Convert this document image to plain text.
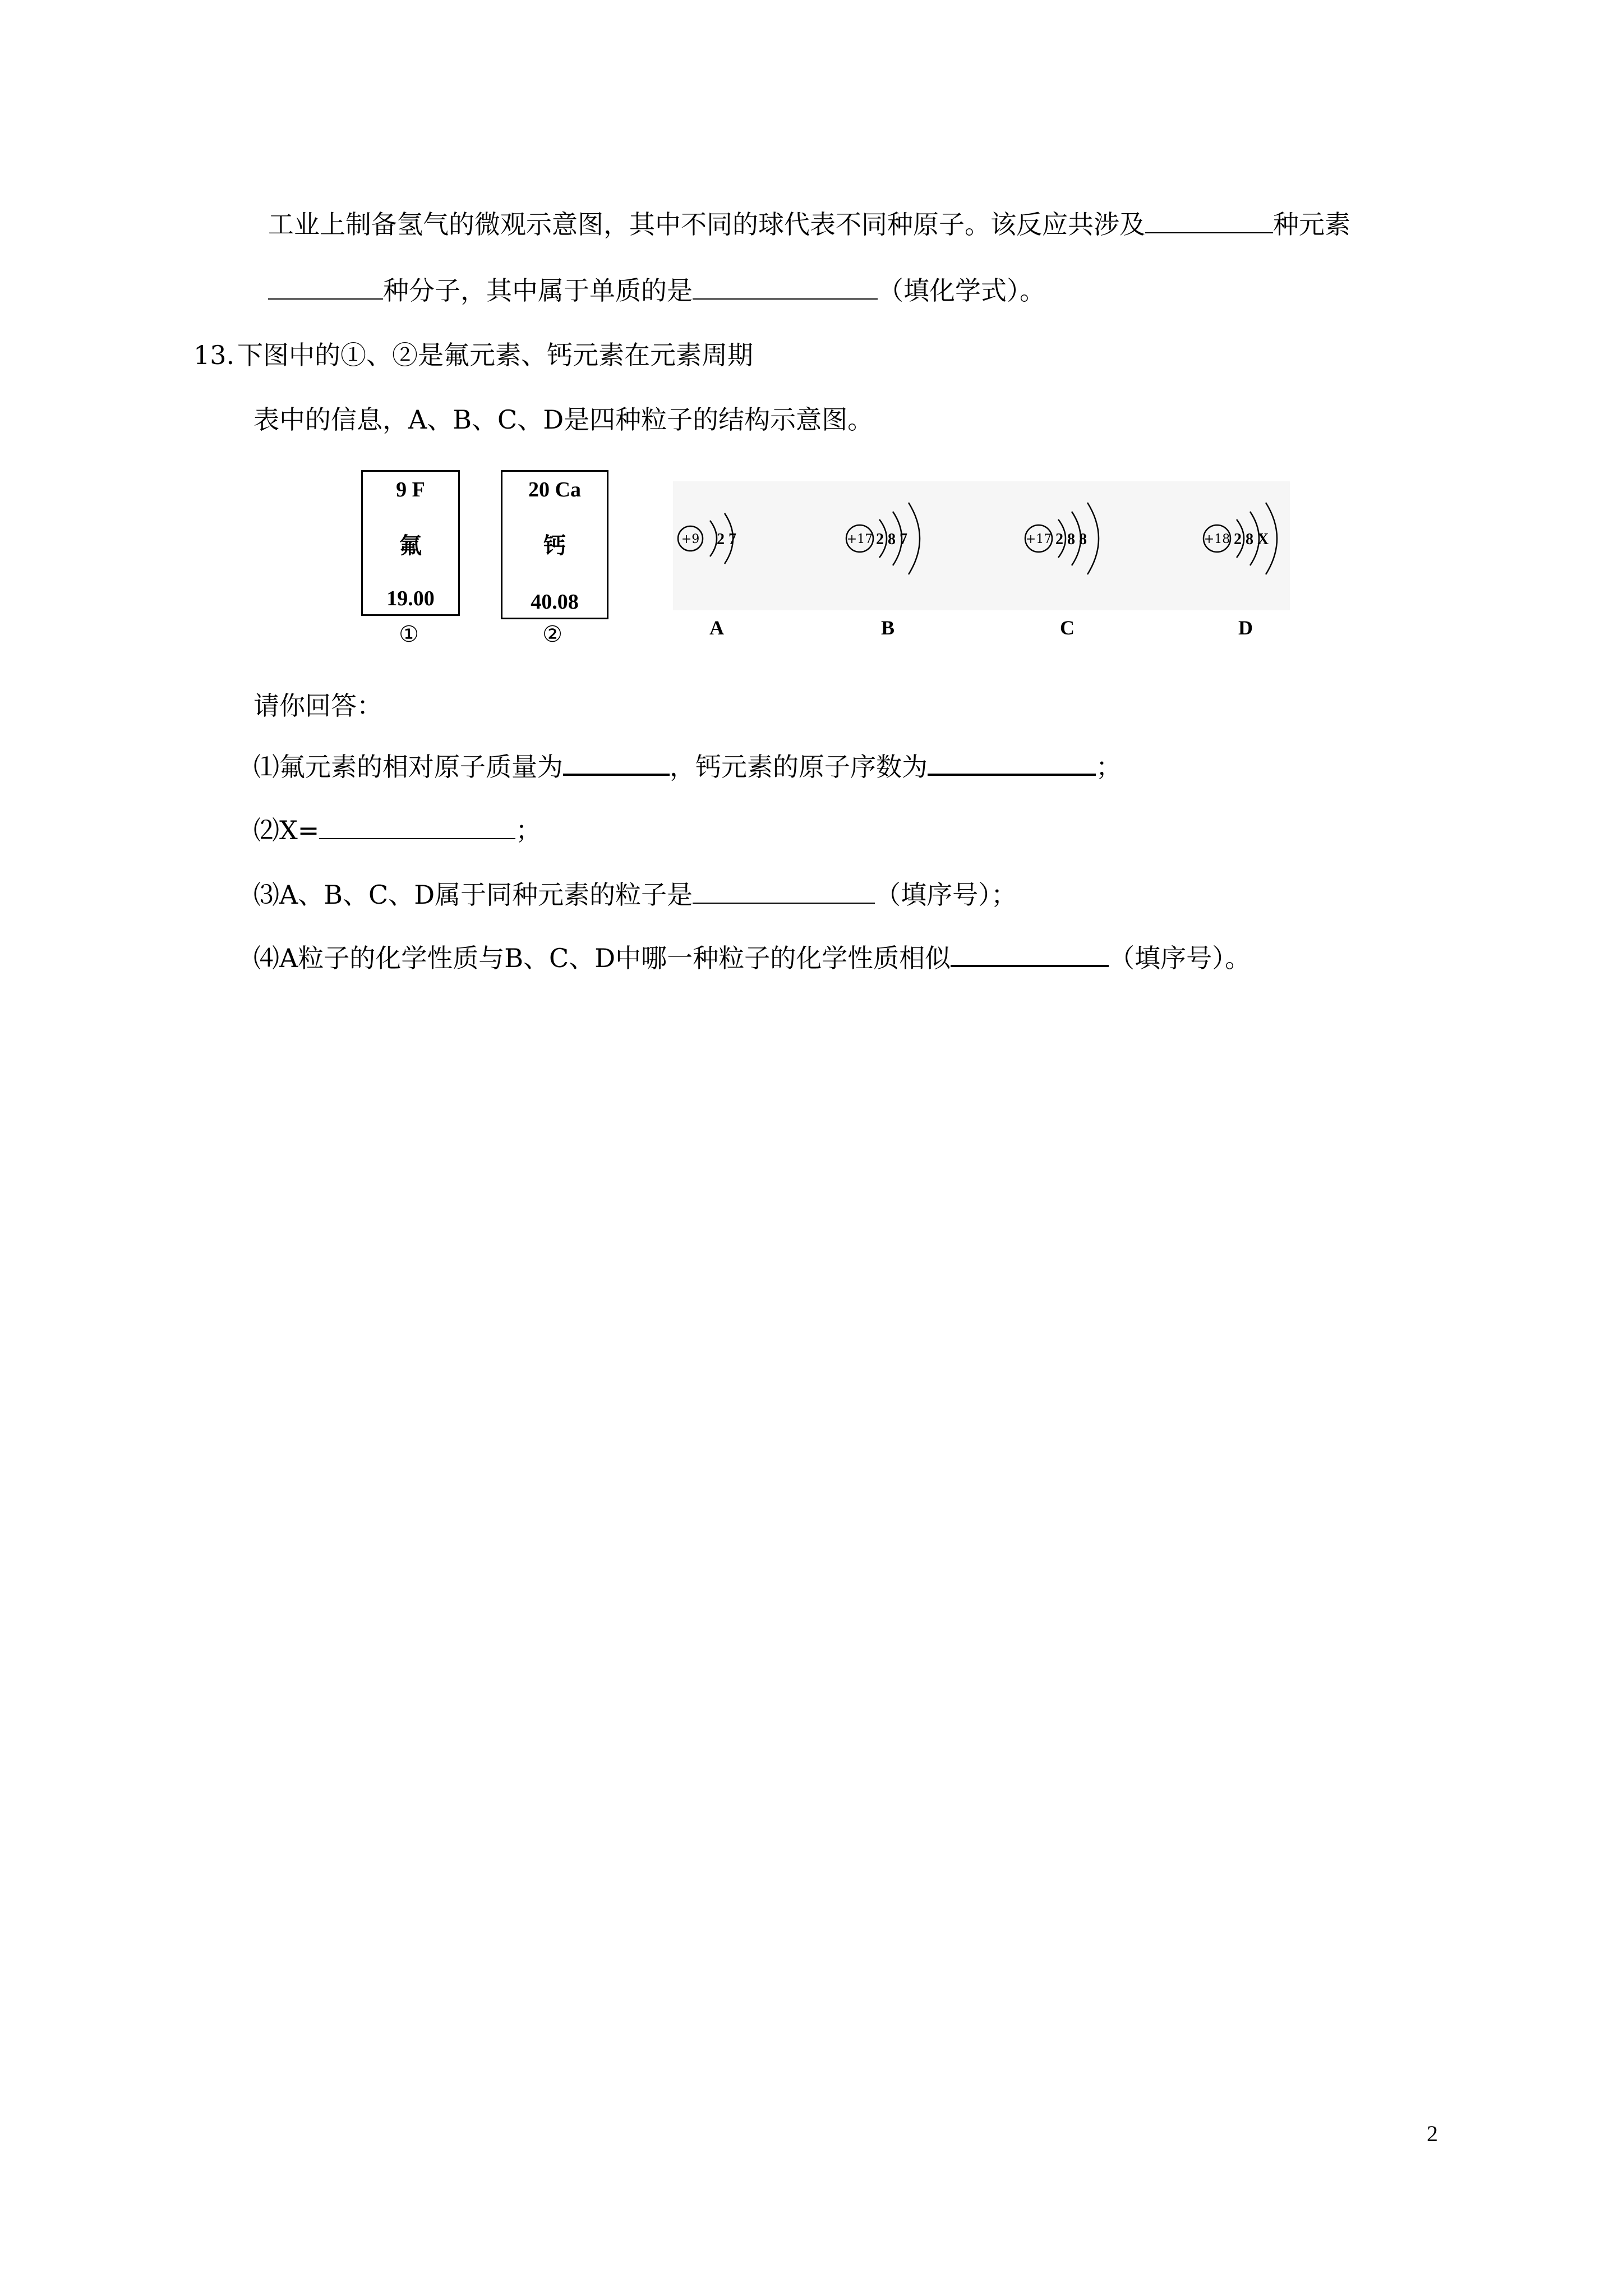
工业上制备氢气的微观示意图，其中不同的球代表不同种原子。该反应共涉及	种元素
种分子，其中属于单质的是	（填化学式）。
13. 下图中的①、②是氟元素、钙元素在元素周期
表中的信息，A、B、C、D是四种粒子的结构示意图。
9 F
氟
19.00
①
20 Ca
钙
40.08
②
+9 2 7	+17 2 8 7	+17 2 8 8	+18 2 8 X
A	B	C	D
请你回答：
⑴氟元素的相对原子质量为	，钙元素的原子序数为	；
⑵X=	；
⑶A、B、C、D属于同种元素的粒子是	（填序号）；
⑷A粒子的化学性质与B、C、D中哪一种粒子的化学性质相似	（填序号）。
2
